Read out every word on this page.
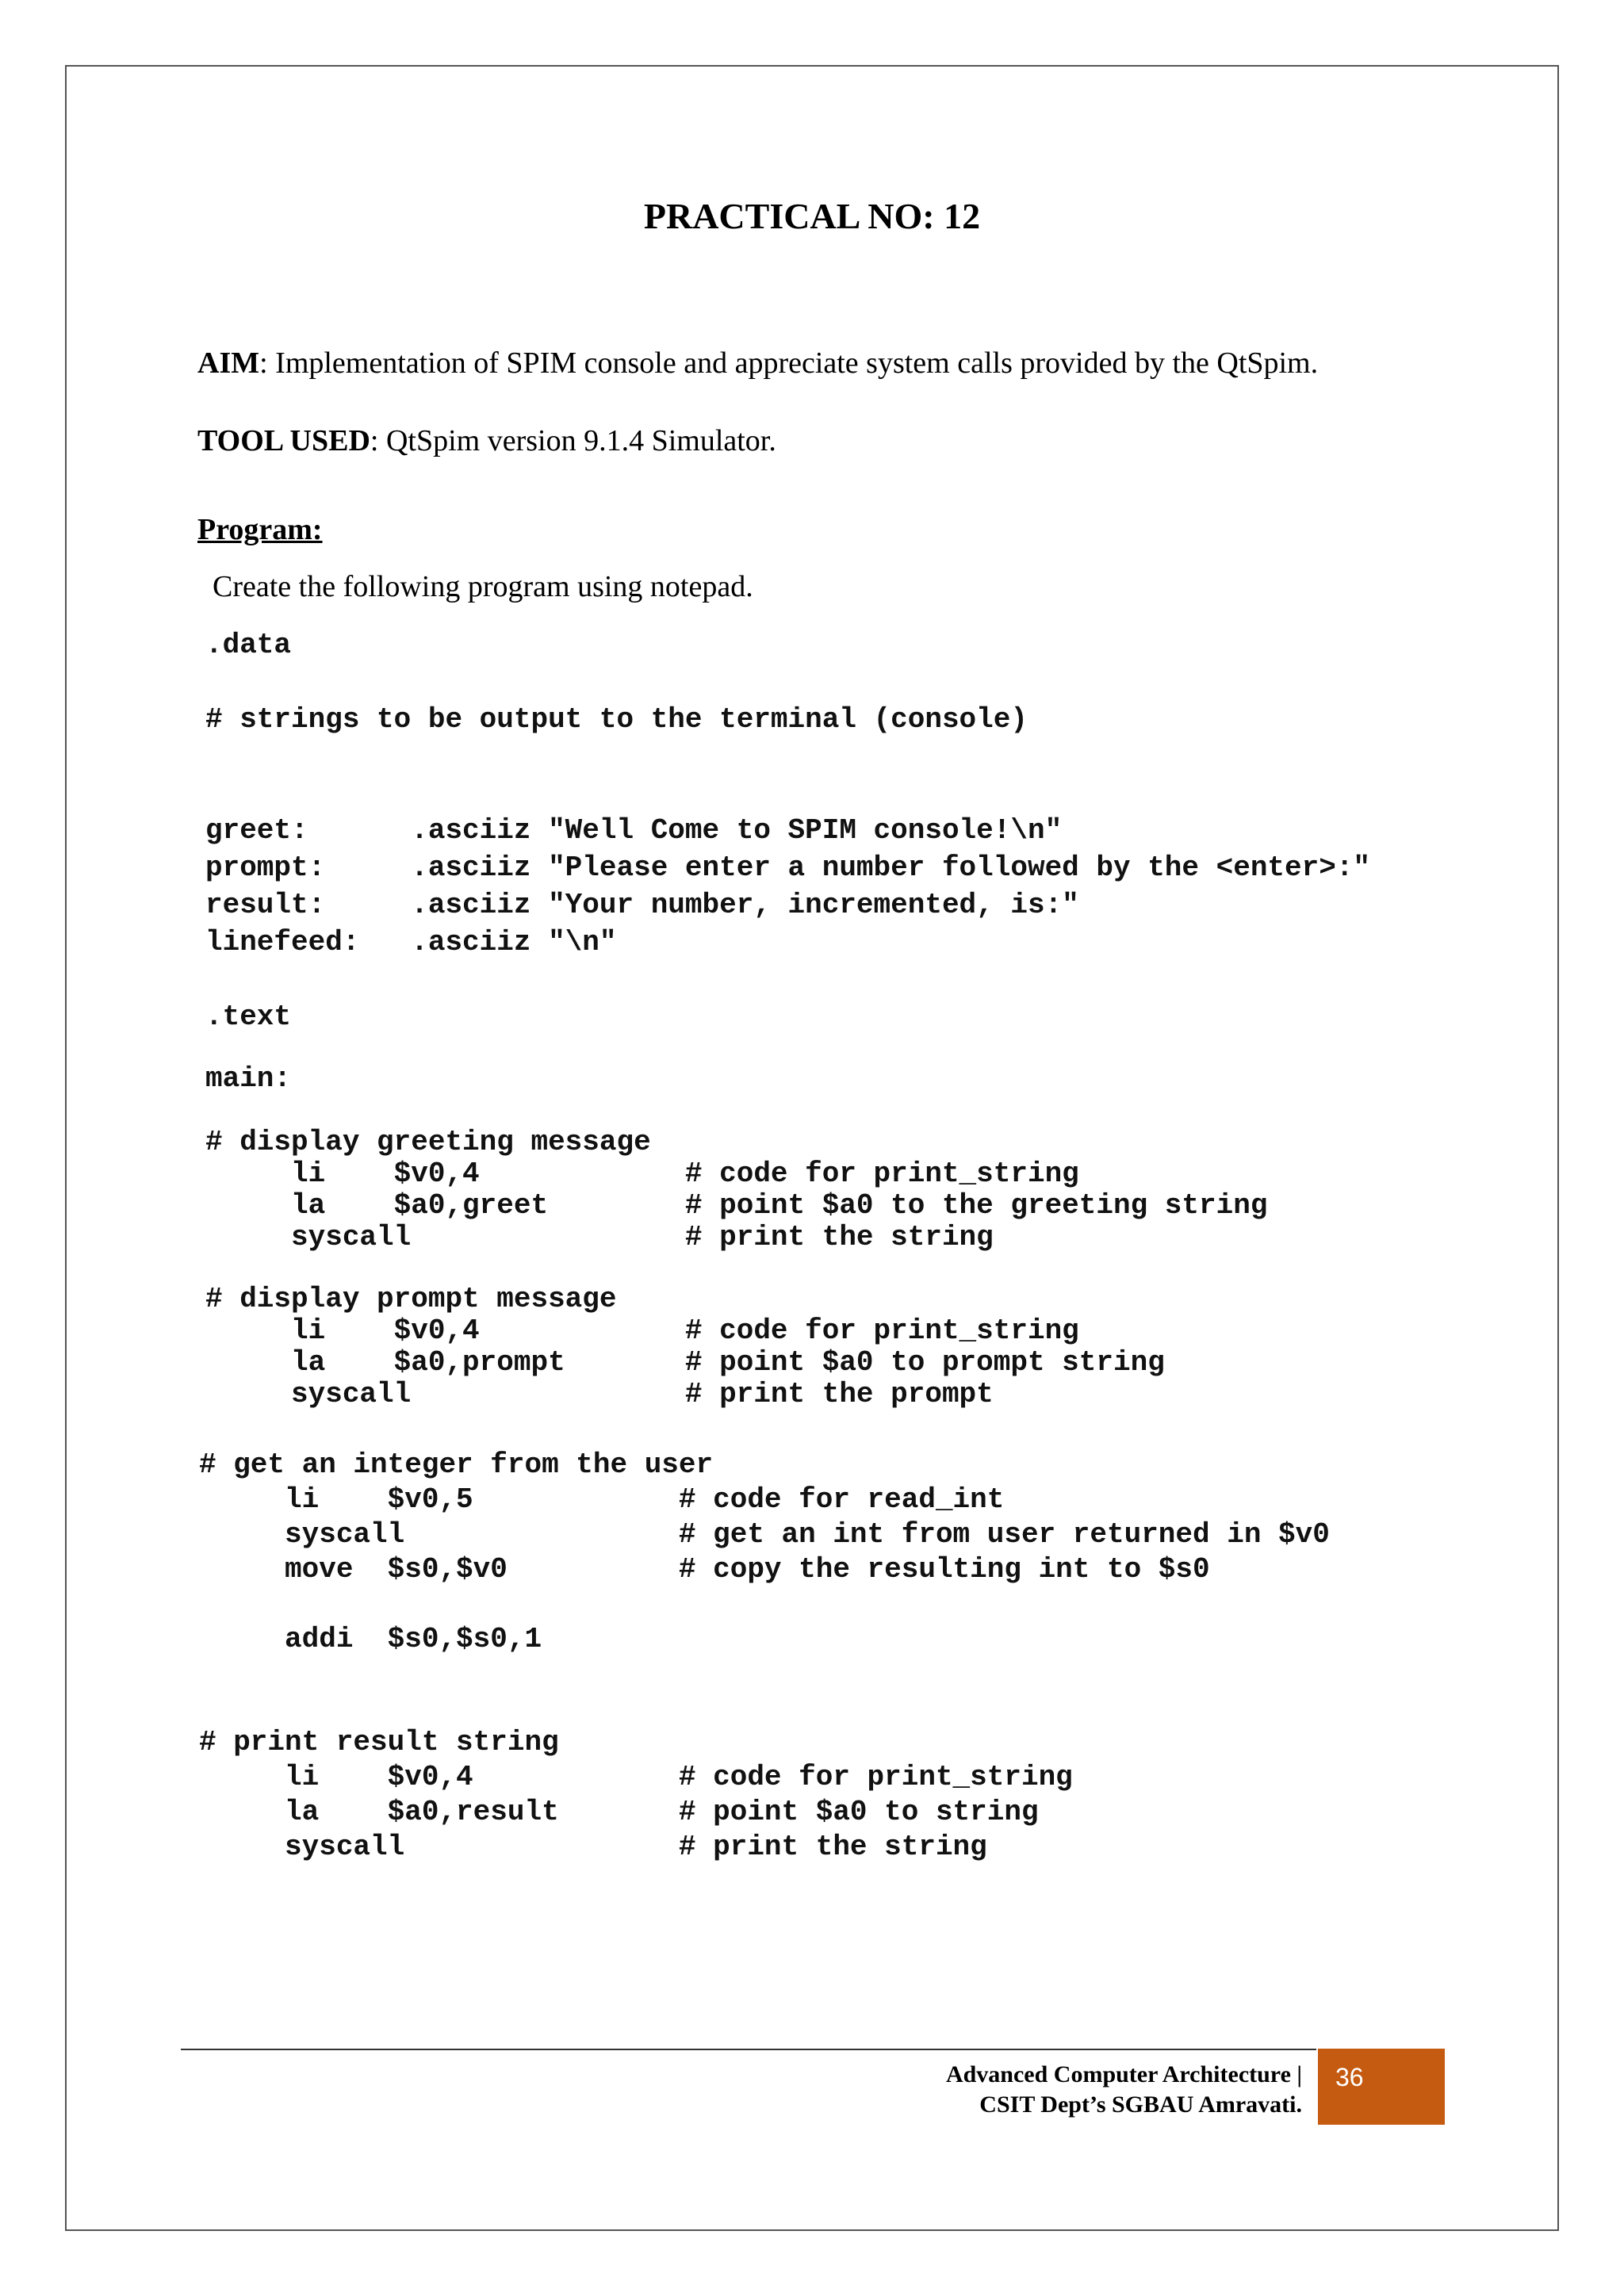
PRACTICAL NO: 12
AIM: Implementation of SPIM console and appreciate system calls provided by the QtSpim.
TOOL USED: QtSpim version 9.1.4 Simulator.
Program:
Create the following program using notepad.
.data
# strings to be output to the terminal (console)
greet:      .asciiz "Well Come to SPIM console!\n"
prompt:     .asciiz "Please enter a number followed by the <enter>:"
result:     .asciiz "Your number, incremented, is:"
linefeed:   .asciiz "\n"
.text
main:
# display greeting message
li    $v0,4            # code for print_string
la    $a0,greet        # point $a0 to the greeting string
syscall                # print the string
# display prompt message
li    $v0,4            # code for print_string
la    $a0,prompt       # point $a0 to prompt string
syscall                # print the prompt
# get an integer from the user
li    $v0,5            # code for read_int
syscall                # get an int from user returned in $v0
move  $s0,$v0          # copy the resulting int to $s0
addi  $s0,$s0,1
# print result string
li    $v0,4            # code for print_string
la    $a0,result       # point $a0 to string
syscall                # print the string
Advanced Computer Architecture |
CSIT Dept’s SGBAU Amravati.
36
